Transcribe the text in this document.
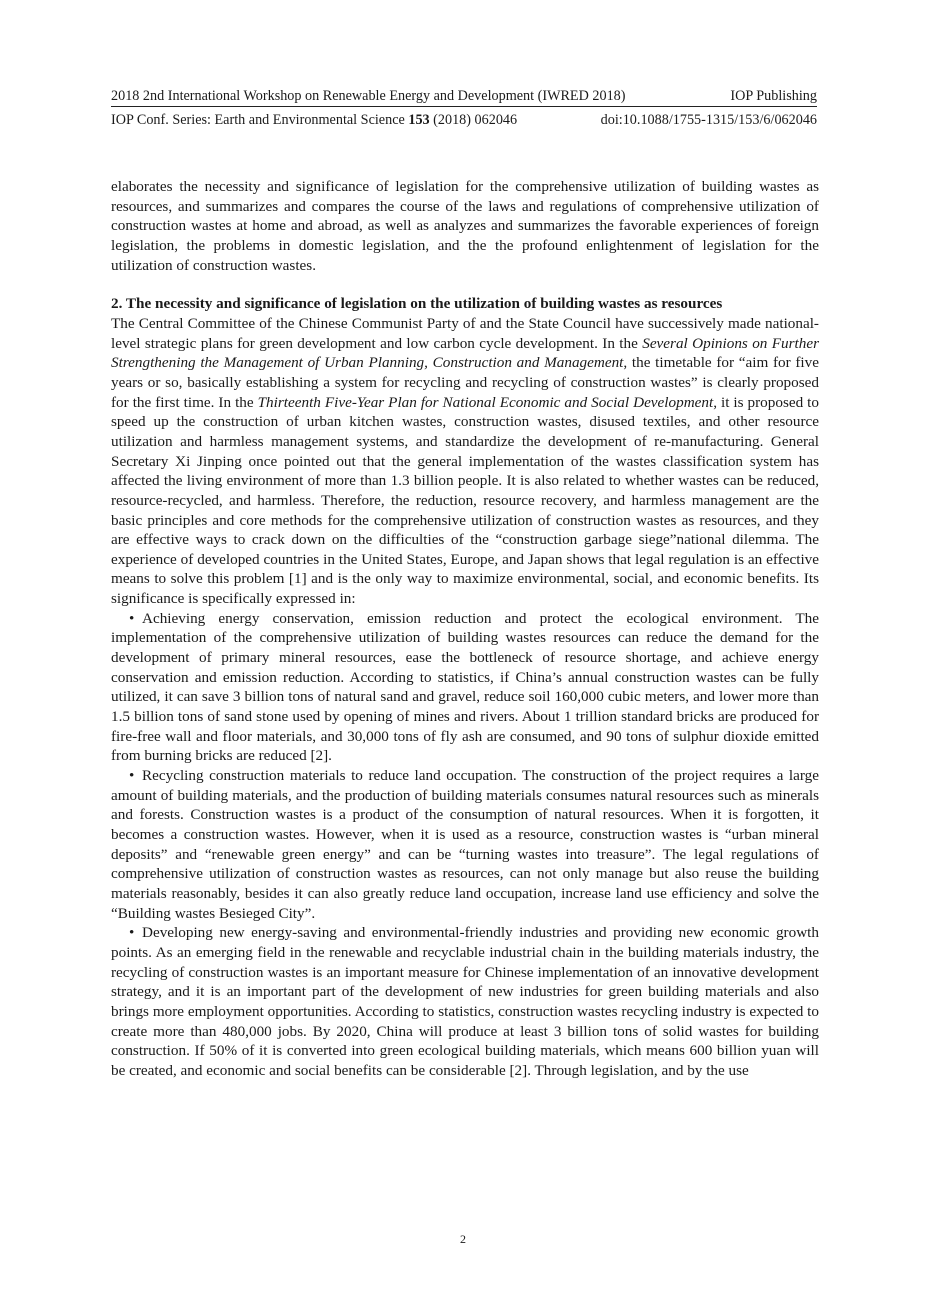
2018 2nd International Workshop on Renewable Energy and Development (IWRED 2018)	IOP Publishing
IOP Conf. Series: Earth and Environmental Science 153 (2018) 062046	doi:10.1088/1755-1315/153/6/062046

elaborates the necessity and significance of legislation for the comprehensive utilization of building wastes as resources, and summarizes and compares the course of the laws and regulations of comprehensive utilization of construction wastes at home and abroad, as well as analyzes and summarizes the favorable experiences of foreign legislation, the problems in domestic legislation, and the the profound enlightenment of legislation for the utilization of construction wastes.

2. The necessity and significance of legislation on the utilization of building wastes as resources

The Central Committee of the Chinese Communist Party of and the State Council have successively made national-level strategic plans for green development and low carbon cycle development. In the Several Opinions on Further Strengthening the Management of Urban Planning, Construction and Management, the timetable for “aim for five years or so, basically establishing a system for recycling and recycling of construction wastes” is clearly proposed for the first time. In the Thirteenth Five-Year Plan for National Economic and Social Development, it is proposed to speed up the construction of urban kitchen wastes, construction wastes, disused textiles, and other resource utilization and harmless management systems, and standardize the development of re-manufacturing. General Secretary Xi Jinping once pointed out that the general implementation of the wastes classification system has affected the living environment of more than 1.3 billion people. It is also related to whether wastes can be reduced, resource-recycled, and harmless. Therefore, the reduction, resource recovery, and harmless management are the basic principles and core methods for the comprehensive utilization of construction wastes as resources, and they are effective ways to crack down on the difficulties of the “construction garbage siege”national dilemma. The experience of developed countries in the United States, Europe, and Japan shows that legal regulation is an effective means to solve this problem [1] and is the only way to maximize environmental, social, and economic benefits. Its significance is specifically expressed in:

• Achieving energy conservation, emission reduction and protect the ecological environment. The implementation of the comprehensive utilization of building wastes resources can reduce the demand for the development of primary mineral resources, ease the bottleneck of resource shortage, and achieve energy conservation and emission reduction. According to statistics, if China’s annual construction wastes can be fully utilized, it can save 3 billion tons of natural sand and gravel, reduce soil 160,000 cubic meters, and lower more than 1.5 billion tons of sand stone used by opening of mines and rivers. About 1 trillion standard bricks are produced for fire-free wall and floor materials, and 30,000 tons of fly ash are consumed, and 90 tons of sulphur dioxide emitted from burning bricks are reduced [2].

• Recycling construction materials to reduce land occupation. The construction of the project requires a large amount of building materials, and the production of building materials consumes natural resources such as minerals and forests. Construction wastes is a product of the consumption of natural resources. When it is forgotten, it becomes a construction wastes. However, when it is used as a resource, construction wastes is “urban mineral deposits” and “renewable green energy” and can be “turning wastes into treasure”. The legal regulations of comprehensive utilization of construction wastes as resources, can not only manage but also reuse the building materials reasonably, besides it can also greatly reduce land occupation, increase land use efficiency and solve the “Building wastes Besieged City”.

• Developing new energy-saving and environmental-friendly industries and providing new economic growth points. As an emerging field in the renewable and recyclable industrial chain in the building materials industry, the recycling of construction wastes is an important measure for Chinese implementation of an innovative development strategy, and it is an important part of the development of new industries for green building materials and also brings more employment opportunities. According to statistics, construction wastes recycling industry is expected to create more than 480,000 jobs. By 2020, China will produce at least 3 billion tons of solid wastes for building construction. If 50% of it is converted into green ecological building materials, which means 600 billion yuan will be created, and economic and social benefits can be considerable [2]. Through legislation, and by the use

2
